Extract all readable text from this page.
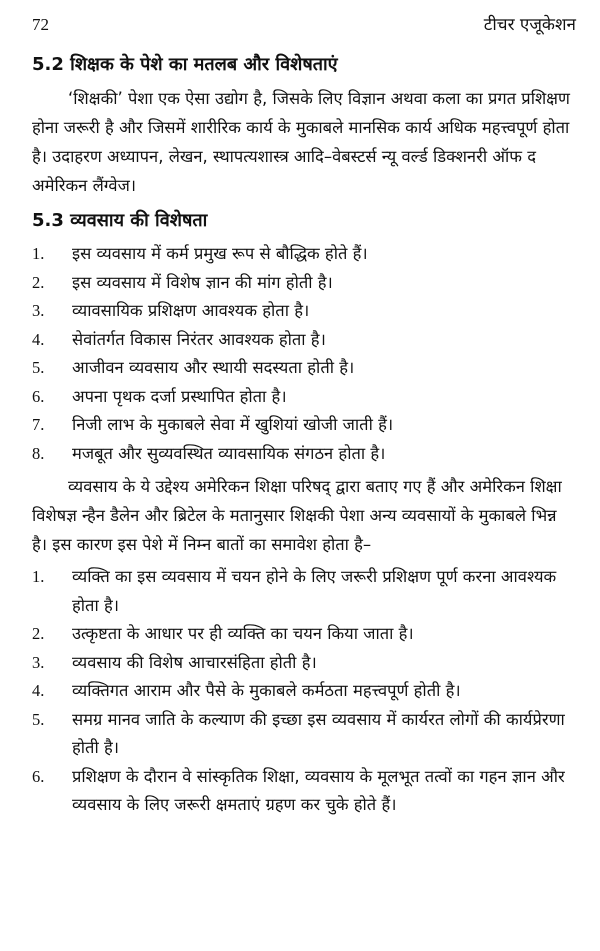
72	टीचर एजूकेशन
5.2 शिक्षक के पेशे का मतलब और विशेषताएं

‘शिक्षकी’ पेशा एक ऐसा उद्योग है, जिसके लिए विज्ञान अथवा कला का प्रगत प्रशिक्षण होना जरूरी है और जिसमें शारीरिक कार्य के मुकाबले मानसिक कार्य अधिक महत्त्वपूर्ण होता है। उदाहरण अध्यापन, लेखन, स्थापत्यशास्त्र आदि–वेबस्टर्स न्यू वर्ल्ड डिक्शनरी ऑफ द अमेरिकन लैंग्वेज।

5.3 व्यवसाय की विशेषता
1.	इस व्यवसाय में कर्म प्रमुख रूप से बौद्धिक होते हैं।
2.	इस व्यवसाय में विशेष ज्ञान की मांग होती है।
3.	व्यावसायिक प्रशिक्षण आवश्यक होता है।
4.	सेवांतर्गत विकास निरंतर आवश्यक होता है।
5.	आजीवन व्यवसाय और स्थायी सदस्यता होती है।
6.	अपना पृथक दर्जा प्रस्थापित होता है।
7.	निजी लाभ के मुकाबले सेवा में खुशियां खोजी जाती हैं।
8.	मजबूत और सुव्यवस्थित व्यावसायिक संगठन होता है।

व्यवसाय के ये उद्देश्य अमेरिकन शिक्षा परिषद् द्वारा बताए गए हैं और अमेरिकन शिक्षा विशेषज्ञ न्हैन डैलेन और ब्रिटेल के मतानुसार शिक्षकी पेशा अन्य व्यवसायों के मुकाबले भिन्न है। इस कारण इस पेशे में निम्न बातों का समावेश होता है–

1.	व्यक्ति का इस व्यवसाय में चयन होने के लिए जरूरी प्रशिक्षण पूर्ण करना आवश्यक होता है।
2.	उत्कृष्टता के आधार पर ही व्यक्ति का चयन किया जाता है।
3.	व्यवसाय की विशेष आचारसंहिता होती है।
4.	व्यक्तिगत आराम और पैसे के मुकाबले कर्मठता महत्त्वपूर्ण होती है।
5.	समग्र मानव जाति के कल्याण की इच्छा इस व्यवसाय में कार्यरत लोगों की कार्यप्रेरणा होती है।
6.	प्रशिक्षण के दौरान वे सांस्कृतिक शिक्षा, व्यवसाय के मूलभूत तत्वों का गहन ज्ञान और व्यवसाय के लिए जरूरी क्षमताएं ग्रहण कर चुके होते हैं।
